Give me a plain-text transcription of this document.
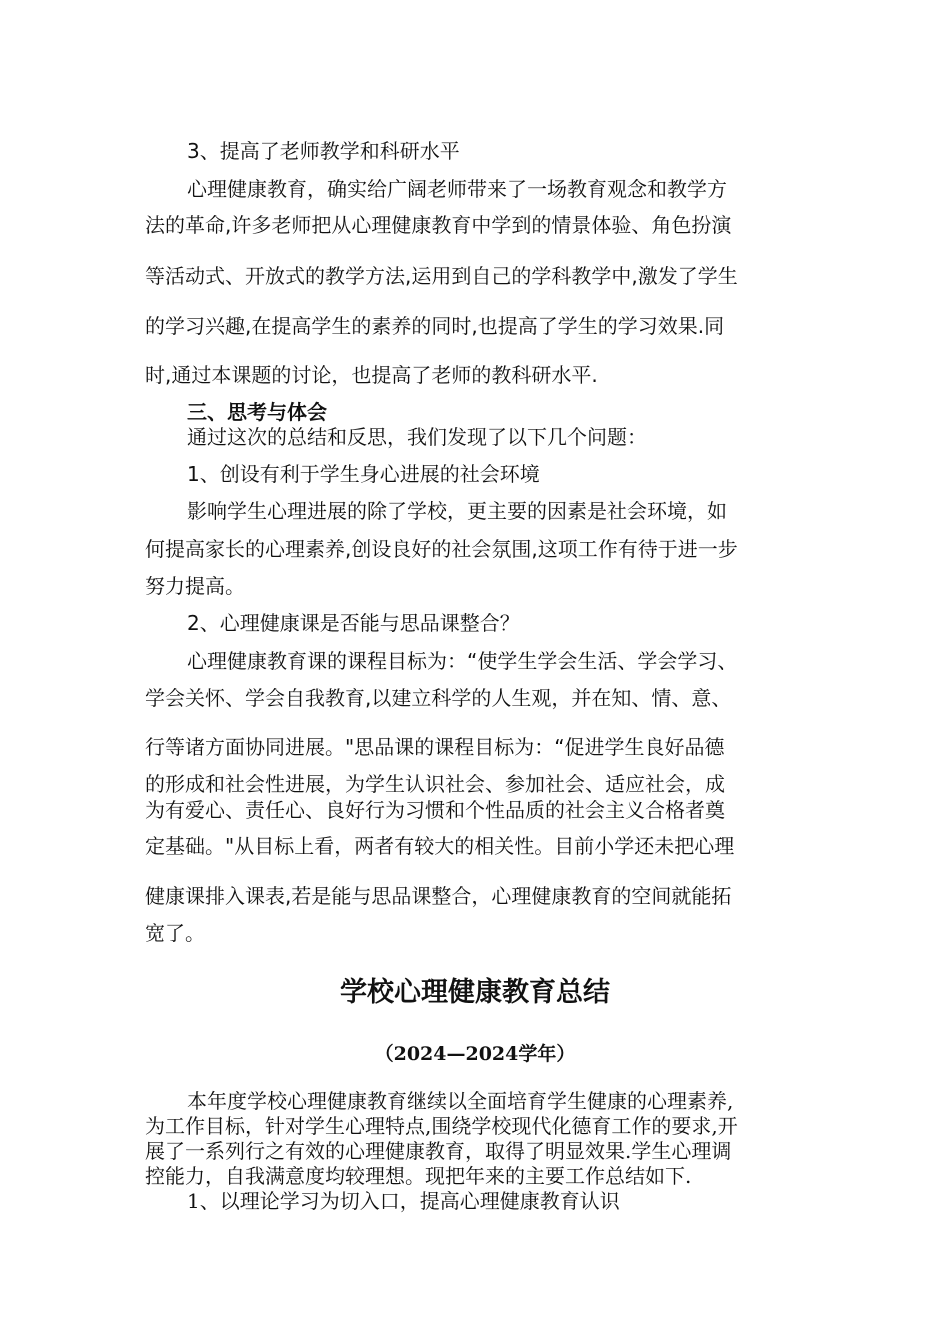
3、提高了老师教学和科研水平

心理健康教育，确实给广阔老师带来了一场教育观念和教学方

法的革命,许多老师把从心理健康教育中学到的情景体验、角色扮演

等活动式、开放式的教学方法,运用到自己的学科教学中,激发了学生

的学习兴趣,在提高学生的素养的同时,也提高了学生的学习效果.同

时,通过本课题的讨论，也提高了老师的教科研水平.

三、思考与体会

通过这次的总结和反思，我们发现了以下几个问题：

1、创设有利于学生身心进展的社会环境

影响学生心理进展的除了学校，更主要的因素是社会环境，如

何提高家长的心理素养,创设良好的社会氛围,这项工作有待于进一步

努力提高。

2、心理健康课是否能与思品课整合？

心理健康教育课的课程目标为：“使学生学会生活、学会学习、

学会关怀、学会自我教育,以建立科学的人生观，并在知、情、意、

行等诸方面协同进展。"思品课的课程目标为：“促进学生良好品德

的形成和社会性进展，为学生认识社会、参加社会、适应社会，成

为有爱心、责任心、良好行为习惯和个性品质的社会主义合格者奠

定基础。"从目标上看，两者有较大的相关性。目前小学还未把心理

健康课排入课表,若是能与思品课整合，心理健康教育的空间就能拓

宽了。

学校心理健康教育总结
（2024—2024学年）

本年度学校心理健康教育继续以全面培育学生健康的心理素养,

为工作目标，针对学生心理特点,围绕学校现代化德育工作的要求,开

展了一系列行之有效的心理健康教育，取得了明显效果.学生心理调

控能力，自我满意度均较理想。现把年来的主要工作总结如下.

1、以理论学习为切入口，提高心理健康教育认识
